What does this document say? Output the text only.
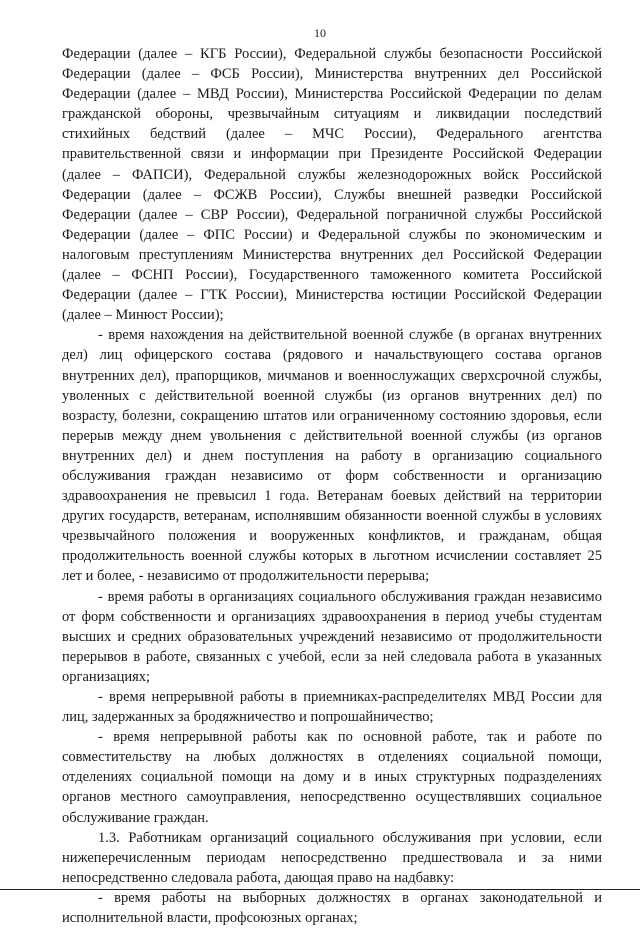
10

Федерации (далее – КГБ России), Федеральной службы безопасности Российской Федерации (далее – ФСБ России), Министерства внутренних дел Российской Федерации (далее – МВД России), Министерства Российской Федерации по делам гражданской обороны, чрезвычайным ситуациям и ликвидации последствий стихийных бедствий (далее – МЧС России), Федерального агентства правительственной связи и информации при Президенте Российской Федерации (далее – ФАПСИ), Федеральной службы железнодорожных войск Российской Федерации (далее – ФСЖВ России), Службы внешней разведки Российской Федерации (далее – СВР России), Федеральной пограничной службы Российской Федерации (далее – ФПС России) и Федеральной службы по экономическим и налоговым преступлениям Министерства внутренних дел Российской Федерации (далее – ФСНП России), Государственного таможенного комитета Российской Федерации (далее – ГТК России), Министерства юстиции Российской Федерации (далее – Минюст России);

- время нахождения на действительной военной службе (в органах внутренних дел) лиц офицерского состава (рядового и начальствующего состава органов внутренних дел), прапорщиков, мичманов и военнослужащих сверхсрочной службы, уволенных с действительной военной службы (из органов внутренних дел) по возрасту, болезни, сокращению штатов или ограниченному состоянию здоровья, если перерыв между днем увольнения с действительной военной службы (из органов внутренних дел) и днем поступления на работу в организацию социального обслуживания граждан независимо от форм собственности и организацию здравоохранения не превысил 1 года. Ветеранам боевых действий на территории других государств, ветеранам, исполнявшим обязанности военной службы в условиях чрезвычайного положения и вооруженных конфликтов, и гражданам, общая продолжительность военной службы которых в льготном исчислении составляет 25 лет и более, - независимо от продолжительности перерыва;

- время работы в организациях социального обслуживания граждан независимо от форм собственности и организациях здравоохранения в период учебы студентам высших и средних образовательных учреждений независимо от продолжительности перерывов в работе, связанных с учебой, если за ней следовала работа в указанных организациях;

- время непрерывной работы в приемниках-распределителях МВД России для лиц, задержанных за бродяжничество и попрошайничество;

- время непрерывной работы как по основной работе, так и работе по совместительству на любых должностях в отделениях социальной помощи, отделениях социальной помощи на дому и в иных структурных подразделениях органов местного самоуправления, непосредственно осуществлявших социальное обслуживание граждан.

1.3. Работникам организаций социального обслуживания при условии, если нижеперечисленным периодам непосредственно предшествовала и за ними непосредственно следовала работа, дающая право на надбавку:

- время работы на выборных должностях в органах законодательной и исполнительной власти, профсоюзных органах;
